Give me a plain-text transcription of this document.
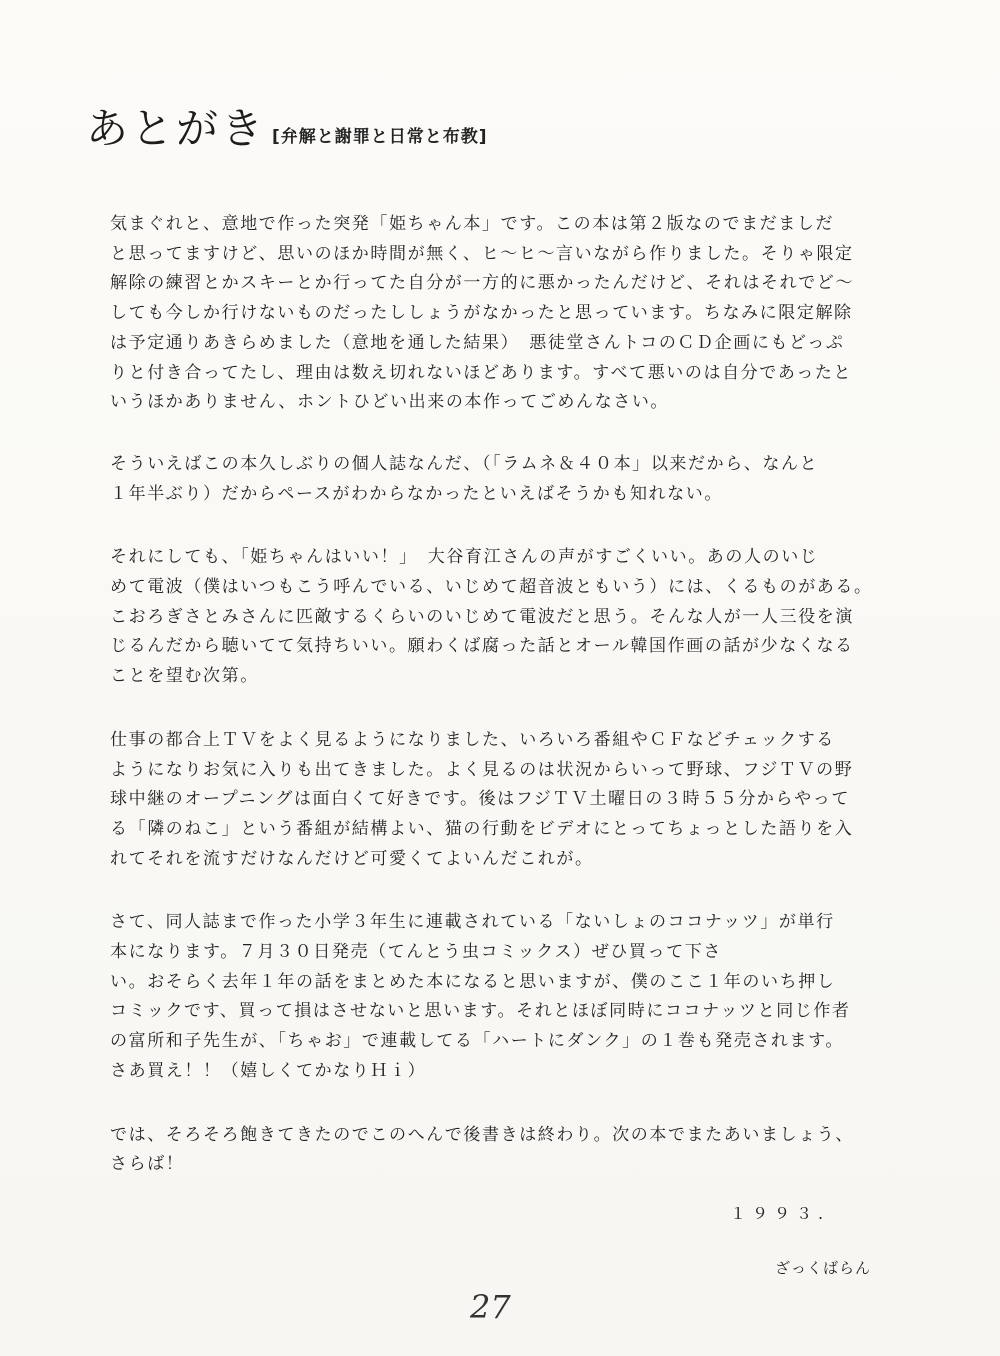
あとがき [弁解と謝罪と日常と布教]

気まぐれと、意地で作った突発「姫ちゃん本」です。この本は第２版なのでまだましだ
と思ってますけど、思いのほか時間が無く、ヒ〜ヒ〜言いながら作りました。そりゃ限定
解除の練習とかスキーとか行ってた自分が一方的に悪かったんだけど、それはそれでど〜
しても今しか行けないものだったししょうがなかったと思っています。ちなみに限定解除
は予定通りあきらめました（意地を通した結果）　悪徒堂さんトコのＣＤ企画にもどっぷ
りと付き合ってたし、理由は数え切れないほどあります。すべて悪いのは自分であったと
いうほかありません、ホントひどい出来の本作ってごめんなさい。

そういえばこの本久しぶりの個人誌なんだ、（「ラムネ＆４０本」以来だから、なんと
１年半ぶり）だからペースがわからなかったといえばそうかも知れない。

それにしても、「姫ちゃんはいい！」　大谷育江さんの声がすごくいい。あの人のいじ
めて電波（僕はいつもこう呼んでいる、いじめて超音波ともいう）には、くるものがある。
こおろぎさとみさんに匹敵するくらいのいじめて電波だと思う。そんな人が一人三役を演
じるんだから聴いてて気持ちいい。願わくば腐った話とオール韓国作画の話が少なくなる
ことを望む次第。

仕事の都合上ＴＶをよく見るようになりました、いろいろ番組やＣＦなどチェックする
ようになりお気に入りも出てきました。よく見るのは状況からいって野球、フジＴＶの野
球中継のオープニングは面白くて好きです。後はフジＴＶ土曜日の３時５５分からやって
る「隣のねこ」という番組が結構よい、猫の行動をビデオにとってちょっとした語りを入
れてそれを流すだけなんだけど可愛くてよいんだこれが。

さて、同人誌まで作った小学３年生に連載されている「ないしょのココナッツ」が単行
本になります。７月３０日発売（てんとう虫コミックス）ぜひ買って下さ
い。おそらく去年１年の話をまとめた本になると思いますが、僕のここ１年のいち押し
コミックです、買って損はさせないと思います。それとほぼ同時にココナッツと同じ作者
の富所和子先生が、「ちゃお」で連載してる「ハートにダンク」の１巻も発売されます。
さあ買え！！（嬉しくてかなりＨｉ）

では、そろそろ飽きてきたのでこのへんで後書きは終わり。次の本でまたあいましょう、
さらば！

１９９３.
ざっくばらん
27
